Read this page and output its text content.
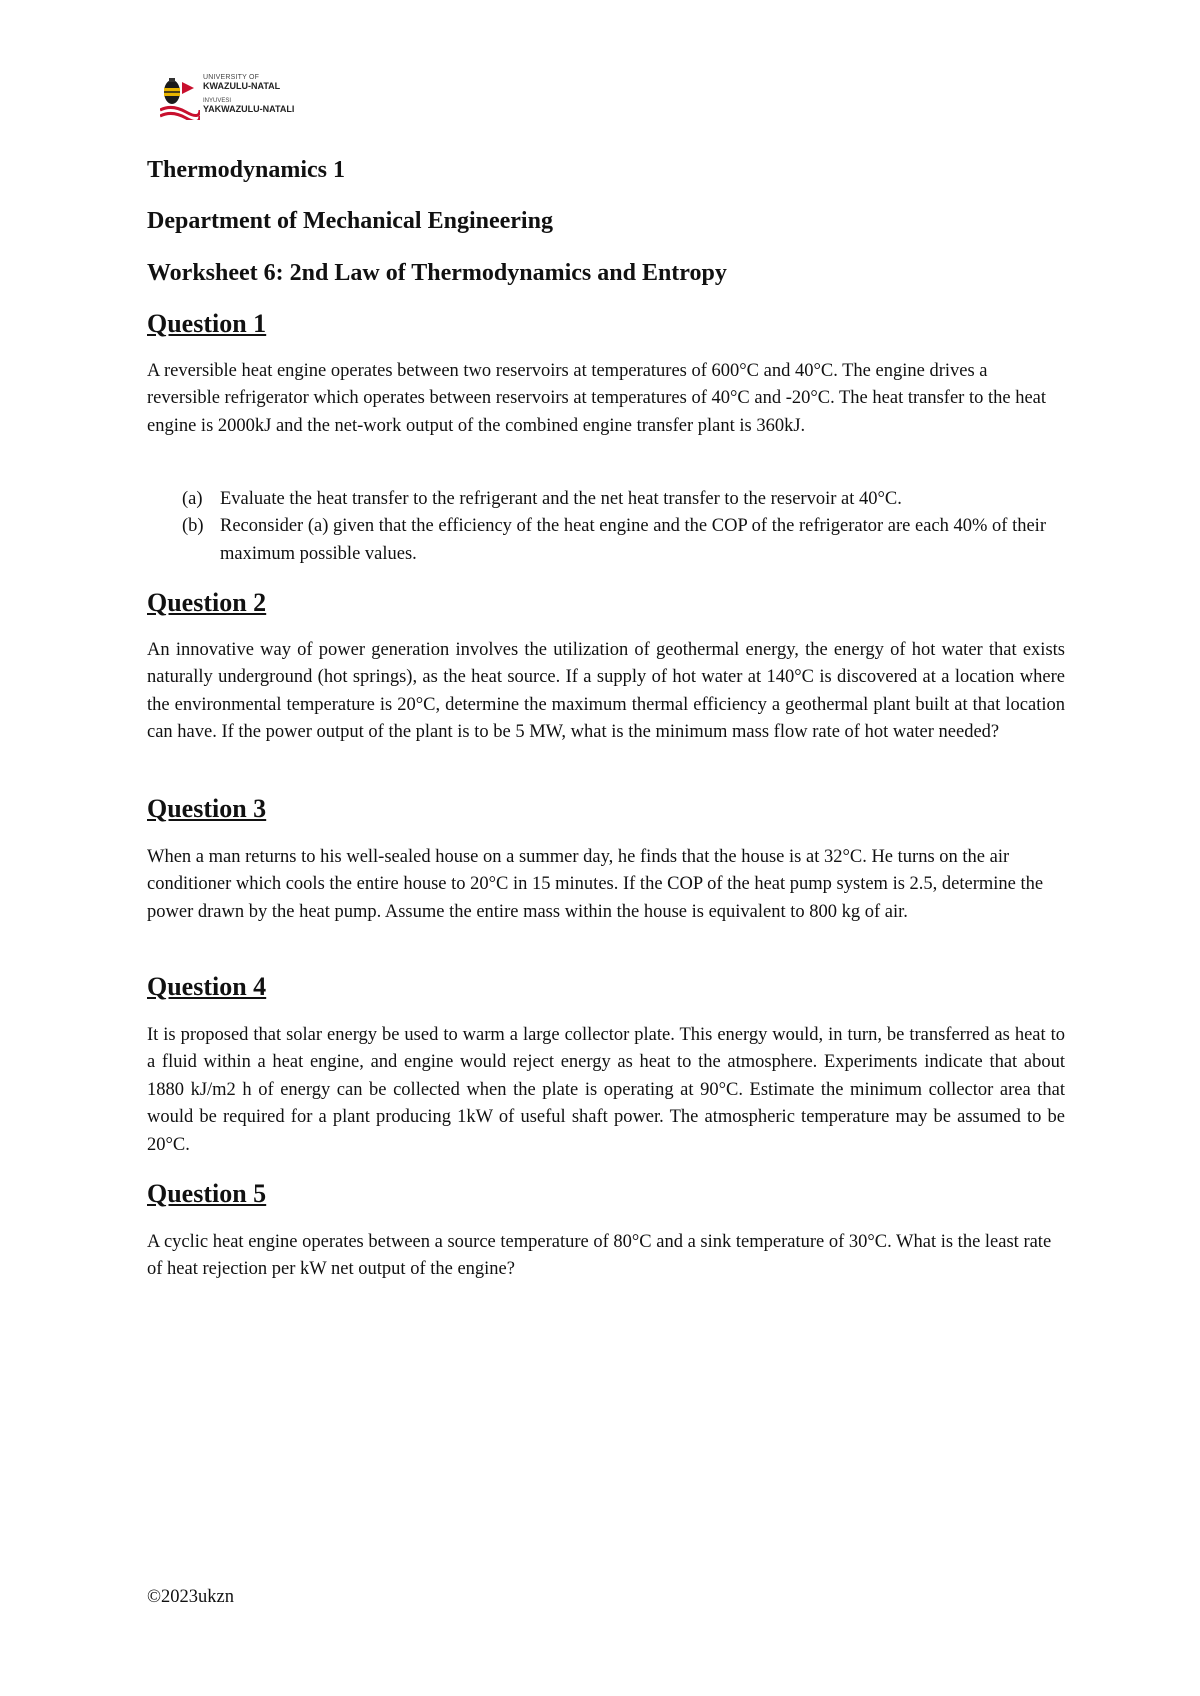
UNIVERSITY OF
KWAZULU-NATAL
INYUVESI
YAKWAZULU-NATALI
Thermodynamics 1
Department of Mechanical Engineering
Worksheet 6: 2nd Law of Thermodynamics and Entropy
Question 1

A reversible heat engine operates between two reservoirs at temperatures of 600°C and 40°C. The engine drives a reversible refrigerator which operates between reservoirs at temperatures of 40°C and -20°C. The heat transfer to the heat engine is 2000kJ and the net-work output of the combined engine transfer plant is 360kJ.

(a) Evaluate the heat transfer to the refrigerant and the net heat transfer to the reservoir at 40°C.
(b) Reconsider (a) given that the efficiency of the heat engine and the COP of the refrigerator are each 40% of their maximum possible values.
Question 2

An innovative way of power generation involves the utilization of geothermal energy, the energy of hot water that exists naturally underground (hot springs), as the heat source. If a supply of hot water at 140°C is discovered at a location where the environmental temperature is 20°C, determine the maximum thermal efficiency a geothermal plant built at that location can have. If the power output of the plant is to be 5 MW, what is the minimum mass flow rate of hot water needed?

Question 3

When a man returns to his well-sealed house on a summer day, he finds that the house is at 32°C. He turns on the air conditioner which cools the entire house to 20°C in 15 minutes. If the COP of the heat pump system is 2.5, determine the power drawn by the heat pump. Assume the entire mass within the house is equivalent to 800 kg of air.

Question 4

It is proposed that solar energy be used to warm a large collector plate. This energy would, in turn, be transferred as heat to a fluid within a heat engine, and engine would reject energy as heat to the atmosphere. Experiments indicate that about 1880 kJ/m2 h of energy can be collected when the plate is operating at 90°C. Estimate the minimum collector area that would be required for a plant producing 1kW of useful shaft power. The atmospheric temperature may be assumed to be 20°C.

Question 5

A cyclic heat engine operates between a source temperature of 80°C and a sink temperature of 30°C. What is the least rate of heat rejection per kW net output of the engine?

©2023ukzn
